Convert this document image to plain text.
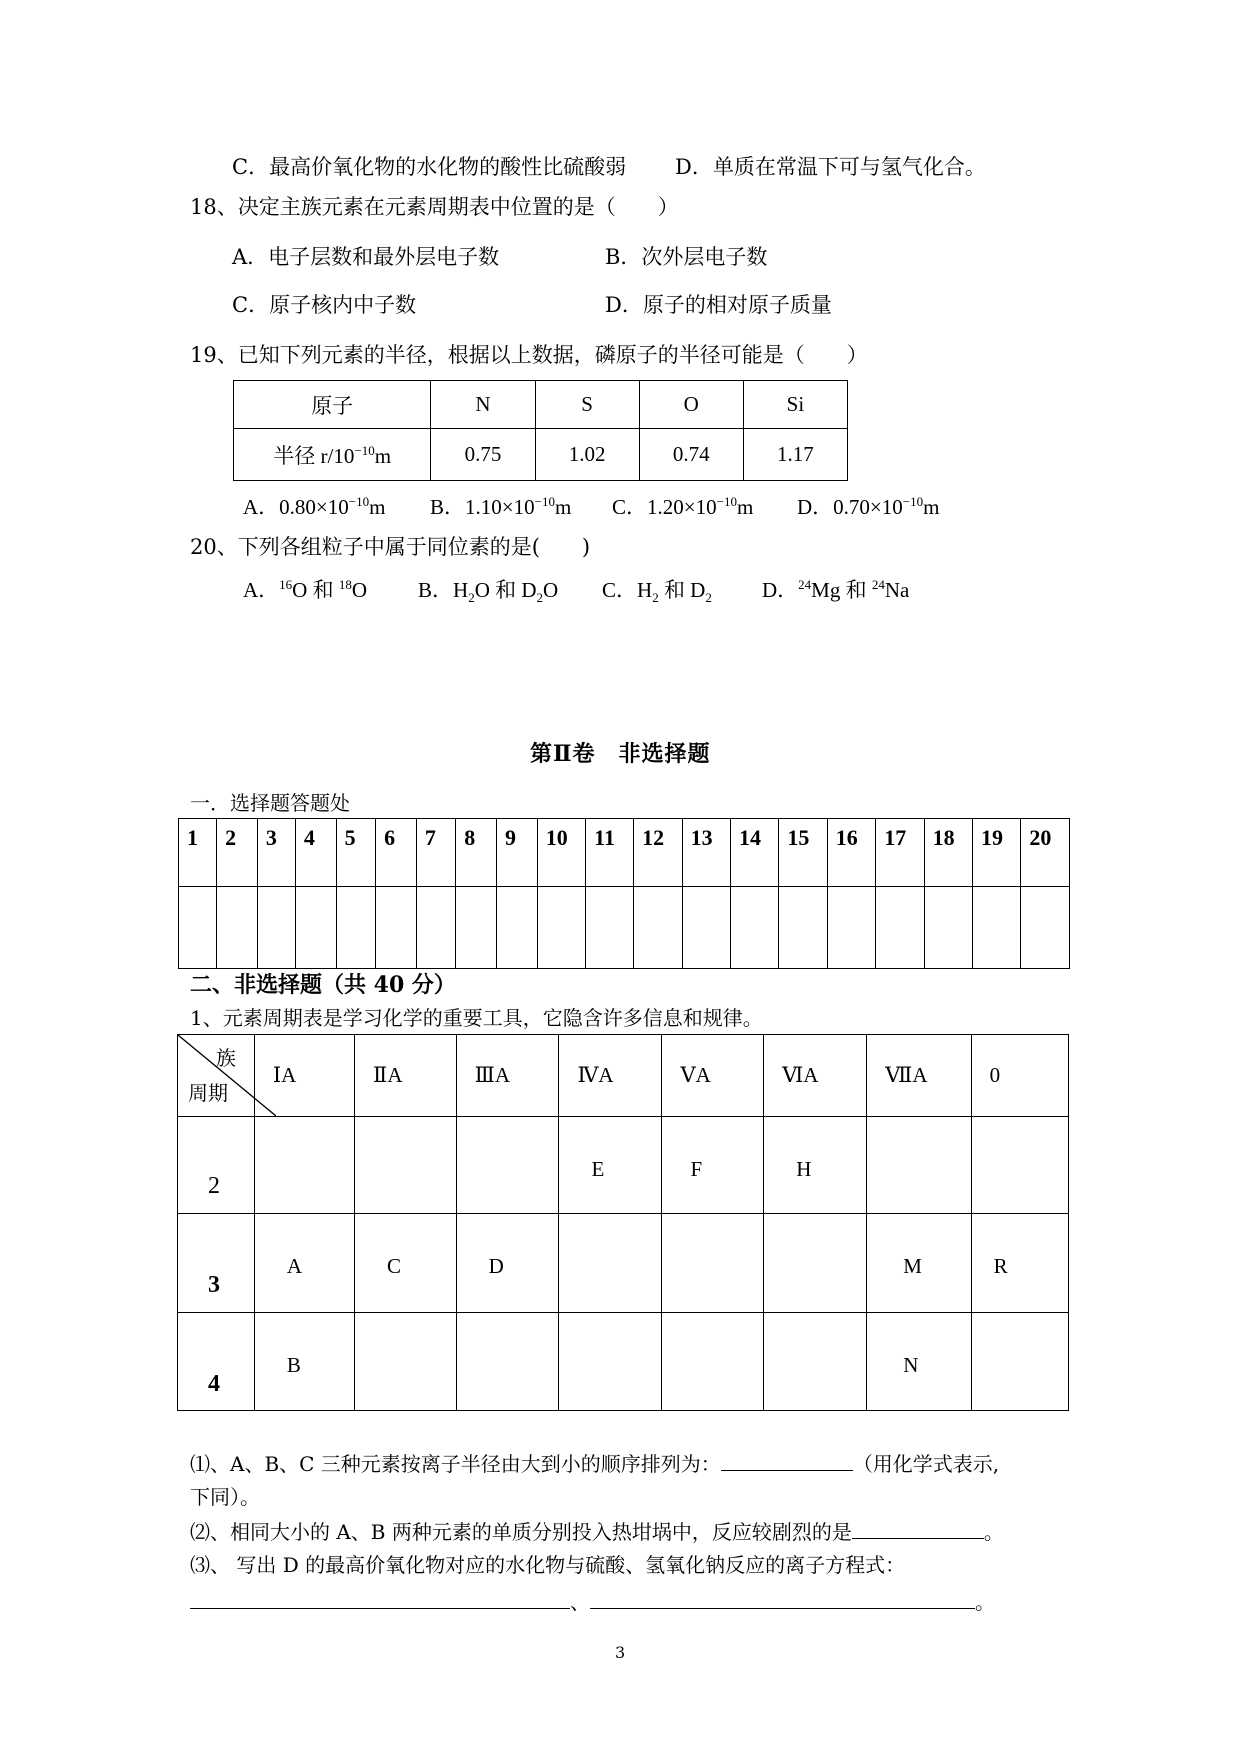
C．最高价氧化物的水化物的酸性比硫酸弱 D．单质在常温下可与氢气化合。
18、决定主族元素在元素周期表中位置的是（　　）
A．电子层数和最外层电子数	B．次外层电子数
C．原子核内中子数	D．原子的相对原子质量
19、已知下列元素的半径，根据以上数据，磷原子的半径可能是（　　）
原子	N	S	O	Si
半径 $r/10^{-10}m$	0.75	1.02	0.74	1.17
A．$0.80\times 10^{-10}m$ B．$1.10\times 10^{-10}m$ C．$1.20\times 10^{-10}m$ D．$0.70\times 10^{-10}m$
20、下列各组粒子中属于同位素的是(　　)
A．$^{16}$O 和 $^{18}$O B．$H_2O$ 和 $D_2O$ C．$H_2$ 和 $D_2$ D．$^{24}$Mg 和 $^{24}$Na
第Ⅱ卷　非选择题
一．选择题答题处
1	2	3	4	5	6	7	8	9	10	11	12	13	14	15	16	17	18	19	20

二、非选择题（共 40 分）
1、元素周期表是学习化学的重要工具，它隐含许多信息和规律。
族
周期	ⅠA	ⅡA	ⅢA	ⅣA	ⅤA	ⅥA	ⅦA	0

2				E	F	H		

3	A	C	D				M	R

4	B						N	

⑴、A、B、C 三种元素按离子半径由大到小的顺序排列为：	（用化学式表示,
下同）。
⑵、相同大小的 A、B 两种元素的单质分别投入热坩埚中，反应较剧烈的是	。
⑶、 写出 D 的最高价氧化物对应的水化物与硫酸、氢氧化钠反应的离子方程式：
、	。
3
